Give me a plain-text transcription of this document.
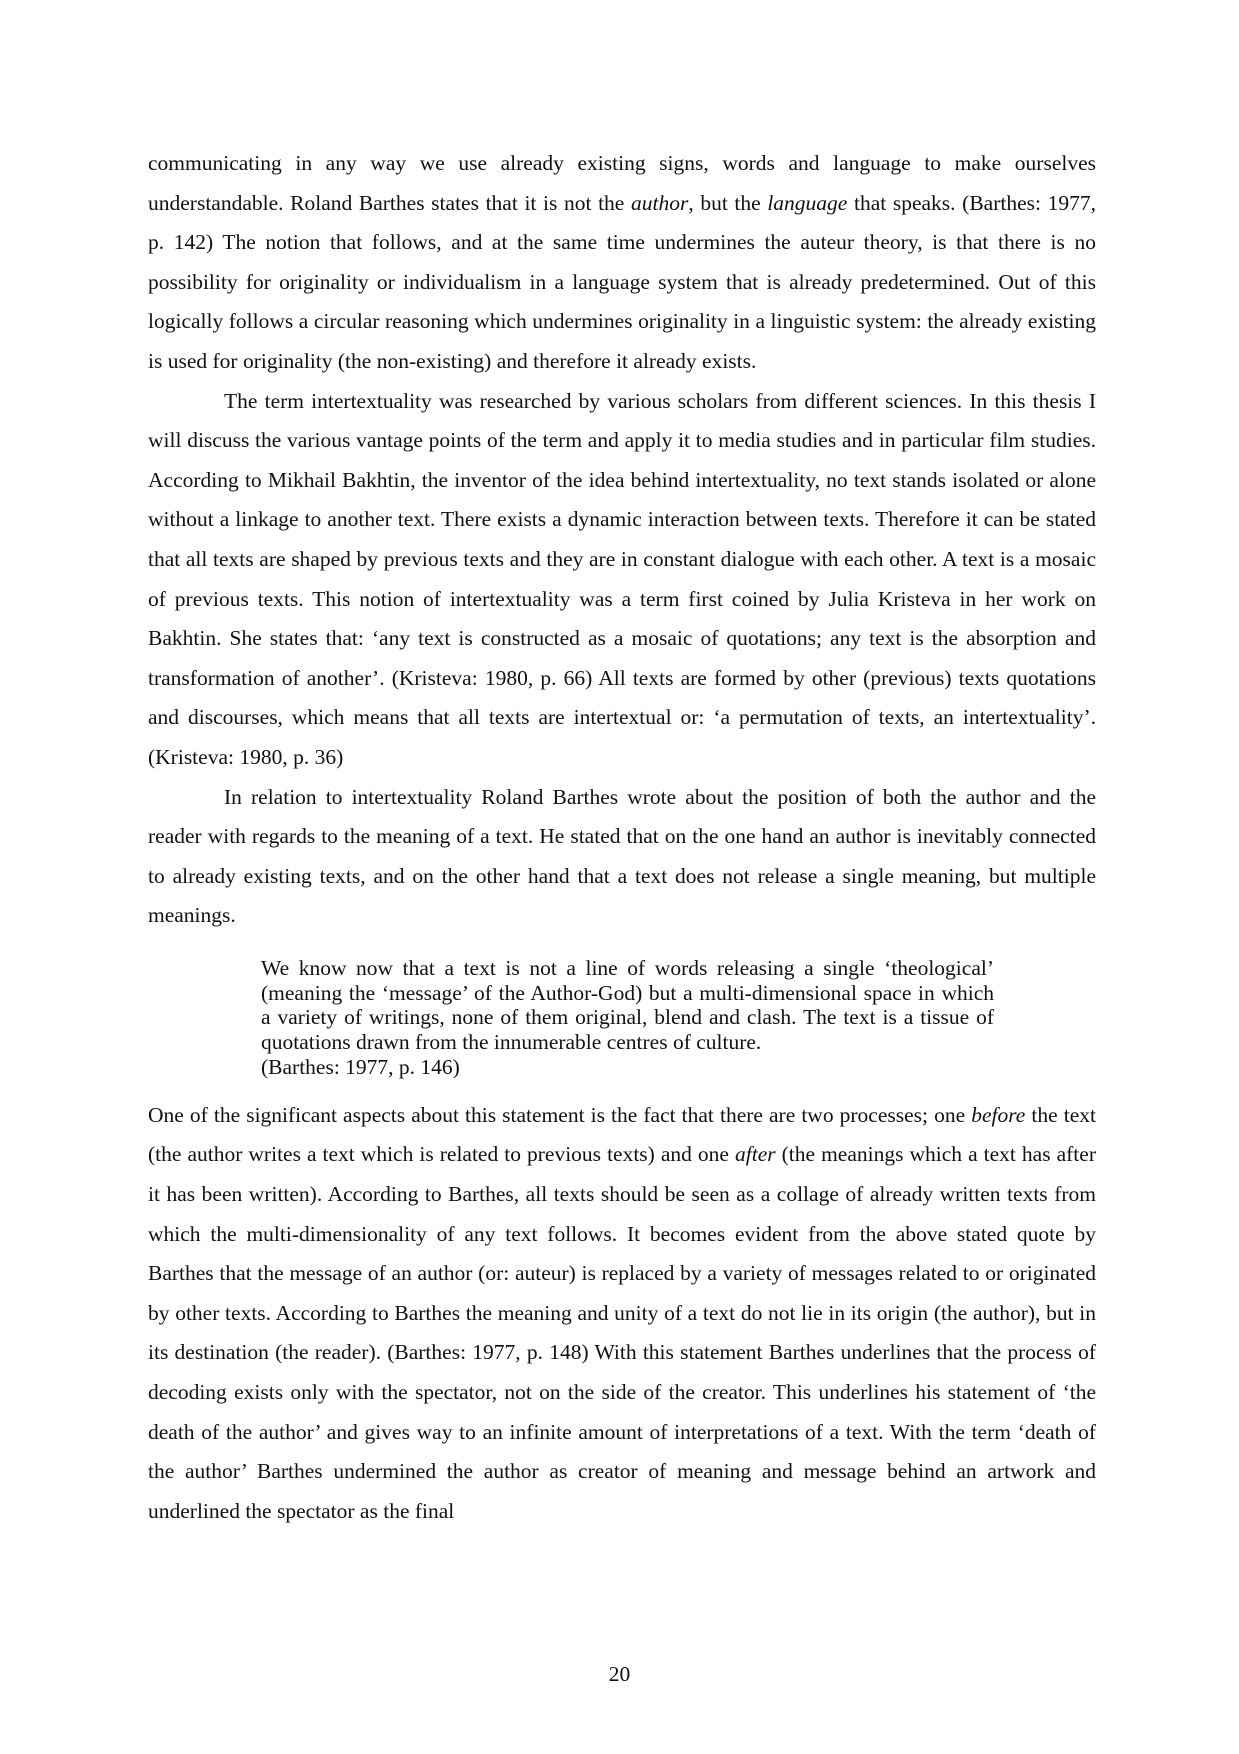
communicating in any way we use already existing signs, words and language to make ourselves understandable. Roland Barthes states that it is not the author, but the language that speaks. (Barthes: 1977, p. 142) The notion that follows, and at the same time undermines the auteur theory, is that there is no possibility for originality or individualism in a language system that is already predetermined. Out of this logically follows a circular reasoning which undermines originality in a linguistic system: the already existing is used for originality (the non-existing) and therefore it already exists.

The term intertextuality was researched by various scholars from different sciences. In this thesis I will discuss the various vantage points of the term and apply it to media studies and in particular film studies. According to Mikhail Bakhtin, the inventor of the idea behind intertextuality, no text stands isolated or alone without a linkage to another text. There exists a dynamic interaction between texts. Therefore it can be stated that all texts are shaped by previous texts and they are in constant dialogue with each other. A text is a mosaic of previous texts. This notion of intertextuality was a term first coined by Julia Kristeva in her work on Bakhtin. She states that: ‘any text is constructed as a mosaic of quotations; any text is the absorption and transformation of another’. (Kristeva: 1980, p. 66) All texts are formed by other (previous) texts quotations and discourses, which means that all texts are intertextual or: ‘a permutation of texts, an intertextuality’. (Kristeva: 1980, p. 36)

In relation to intertextuality Roland Barthes wrote about the position of both the author and the reader with regards to the meaning of a text. He stated that on the one hand an author is inevitably connected to already existing texts, and on the other hand that a text does not release a single meaning, but multiple meanings.

We know now that a text is not a line of words releasing a single ‘theological’ (meaning the ‘message’ of the Author-God) but a multi-dimensional space in which a variety of writings, none of them original, blend and clash. The text is a tissue of quotations drawn from the innumerable centres of culture.
(Barthes: 1977, p. 146)

One of the significant aspects about this statement is the fact that there are two processes; one before the text (the author writes a text which is related to previous texts) and one after (the meanings which a text has after it has been written). According to Barthes, all texts should be seen as a collage of already written texts from which the multi-dimensionality of any text follows. It becomes evident from the above stated quote by Barthes that the message of an author (or: auteur) is replaced by a variety of messages related to or originated by other texts. According to Barthes the meaning and unity of a text do not lie in its origin (the author), but in its destination (the reader). (Barthes: 1977, p. 148) With this statement Barthes underlines that the process of decoding exists only with the spectator, not on the side of the creator. This underlines his statement of ‘the death of the author’ and gives way to an infinite amount of interpretations of a text. With the term ‘death of the author’ Barthes undermined the author as creator of meaning and message behind an artwork and underlined the spectator as the final

20
